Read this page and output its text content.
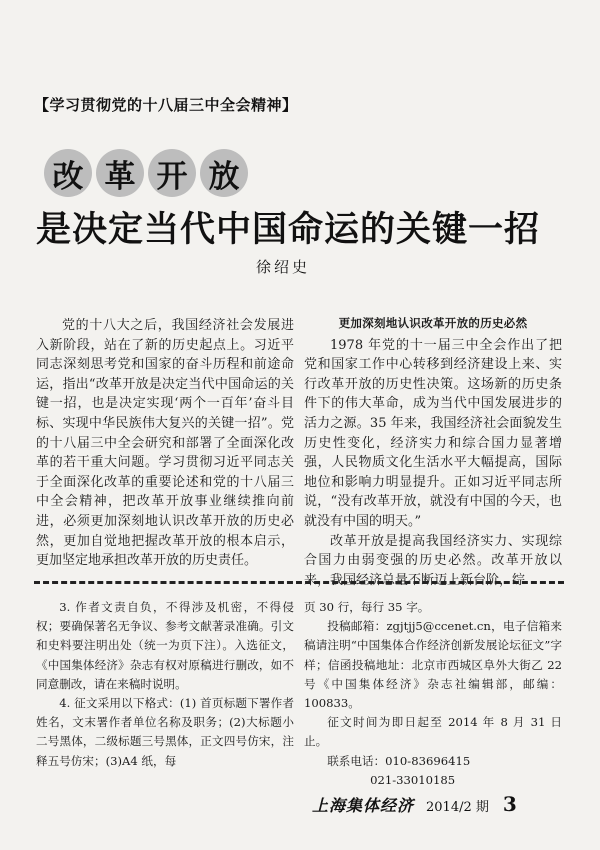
【学习贯彻党的十八届三中全会精神】
改 革 开 放
是决定当代中国命运的关键一招
徐绍史

党的十八大之后，我国经济社会发展进入新阶段，站在了新的历史起点上。习近平同志深刻思考党和国家的奋斗历程和前途命运，指出“改革开放是决定当代中国命运的关键一招，也是决定实现‘两个一百年’奋斗目标、实现中华民族伟大复兴的关键一招”。党的十八届三中全会研究和部署了全面深化改革的若干重大问题。学习贯彻习近平同志关于全面深化改革的重要论述和党的十八届三中全会精神，把改革开放事业继续推向前进，必须更加深刻地认识改革开放的历史必然，更加自觉地把握改革开放的根本启示，更加坚定地承担改革开放的历史责任。

更加深刻地认识改革开放的历史必然

1978 年党的十一届三中全会作出了把党和国家工作中心转移到经济建设上来、实行改革开放的历史性决策。这场新的历史条件下的伟大革命，成为当代中国发展进步的活力之源。35 年来，我国经济社会面貌发生历史性变化，经济实力和综合国力显著增强，人民物质文化生活水平大幅提高，国际地位和影响力明显提升。正如习近平同志所说，“没有改革开放，就没有中国的今天，也就没有中国的明天。”

改革开放是提高我国经济实力、实现综合国力由弱变强的历史必然。改革开放以来，我国经济总量不断迈上新台阶，综

3. 作者文责自负，不得涉及机密，不得侵权；要确保著名无争议、参考文献著录准确。引文和史料要注明出处（统一为页下注）。入选征文，《中国集体经济》杂志有权对原稿进行删改，如不同意删改，请在来稿时说明。

4. 征文采用以下格式：(1) 首页标题下署作者姓名，文末署作者单位名称及职务；(2)大标题小二号黑体，二级标题三号黑体，正文四号仿宋，注释五号仿宋；(3)A4 纸，每

页 30 行，每行 35 字。

投稿邮箱：zgjtjj5@ccenet.cn，电子信箱来稿请注明“中国集体合作经济创新发展论坛征文”字样；信函投稿地址：北京市西城区阜外大街乙 22 号《中国集体经济》杂志社编辑部，邮编：100833。

征文时间为即日起至 2014 年 8 月 31 日止。

联系电话：010-83696415

021-33010185

上海集体经济 2014/2 期 3
